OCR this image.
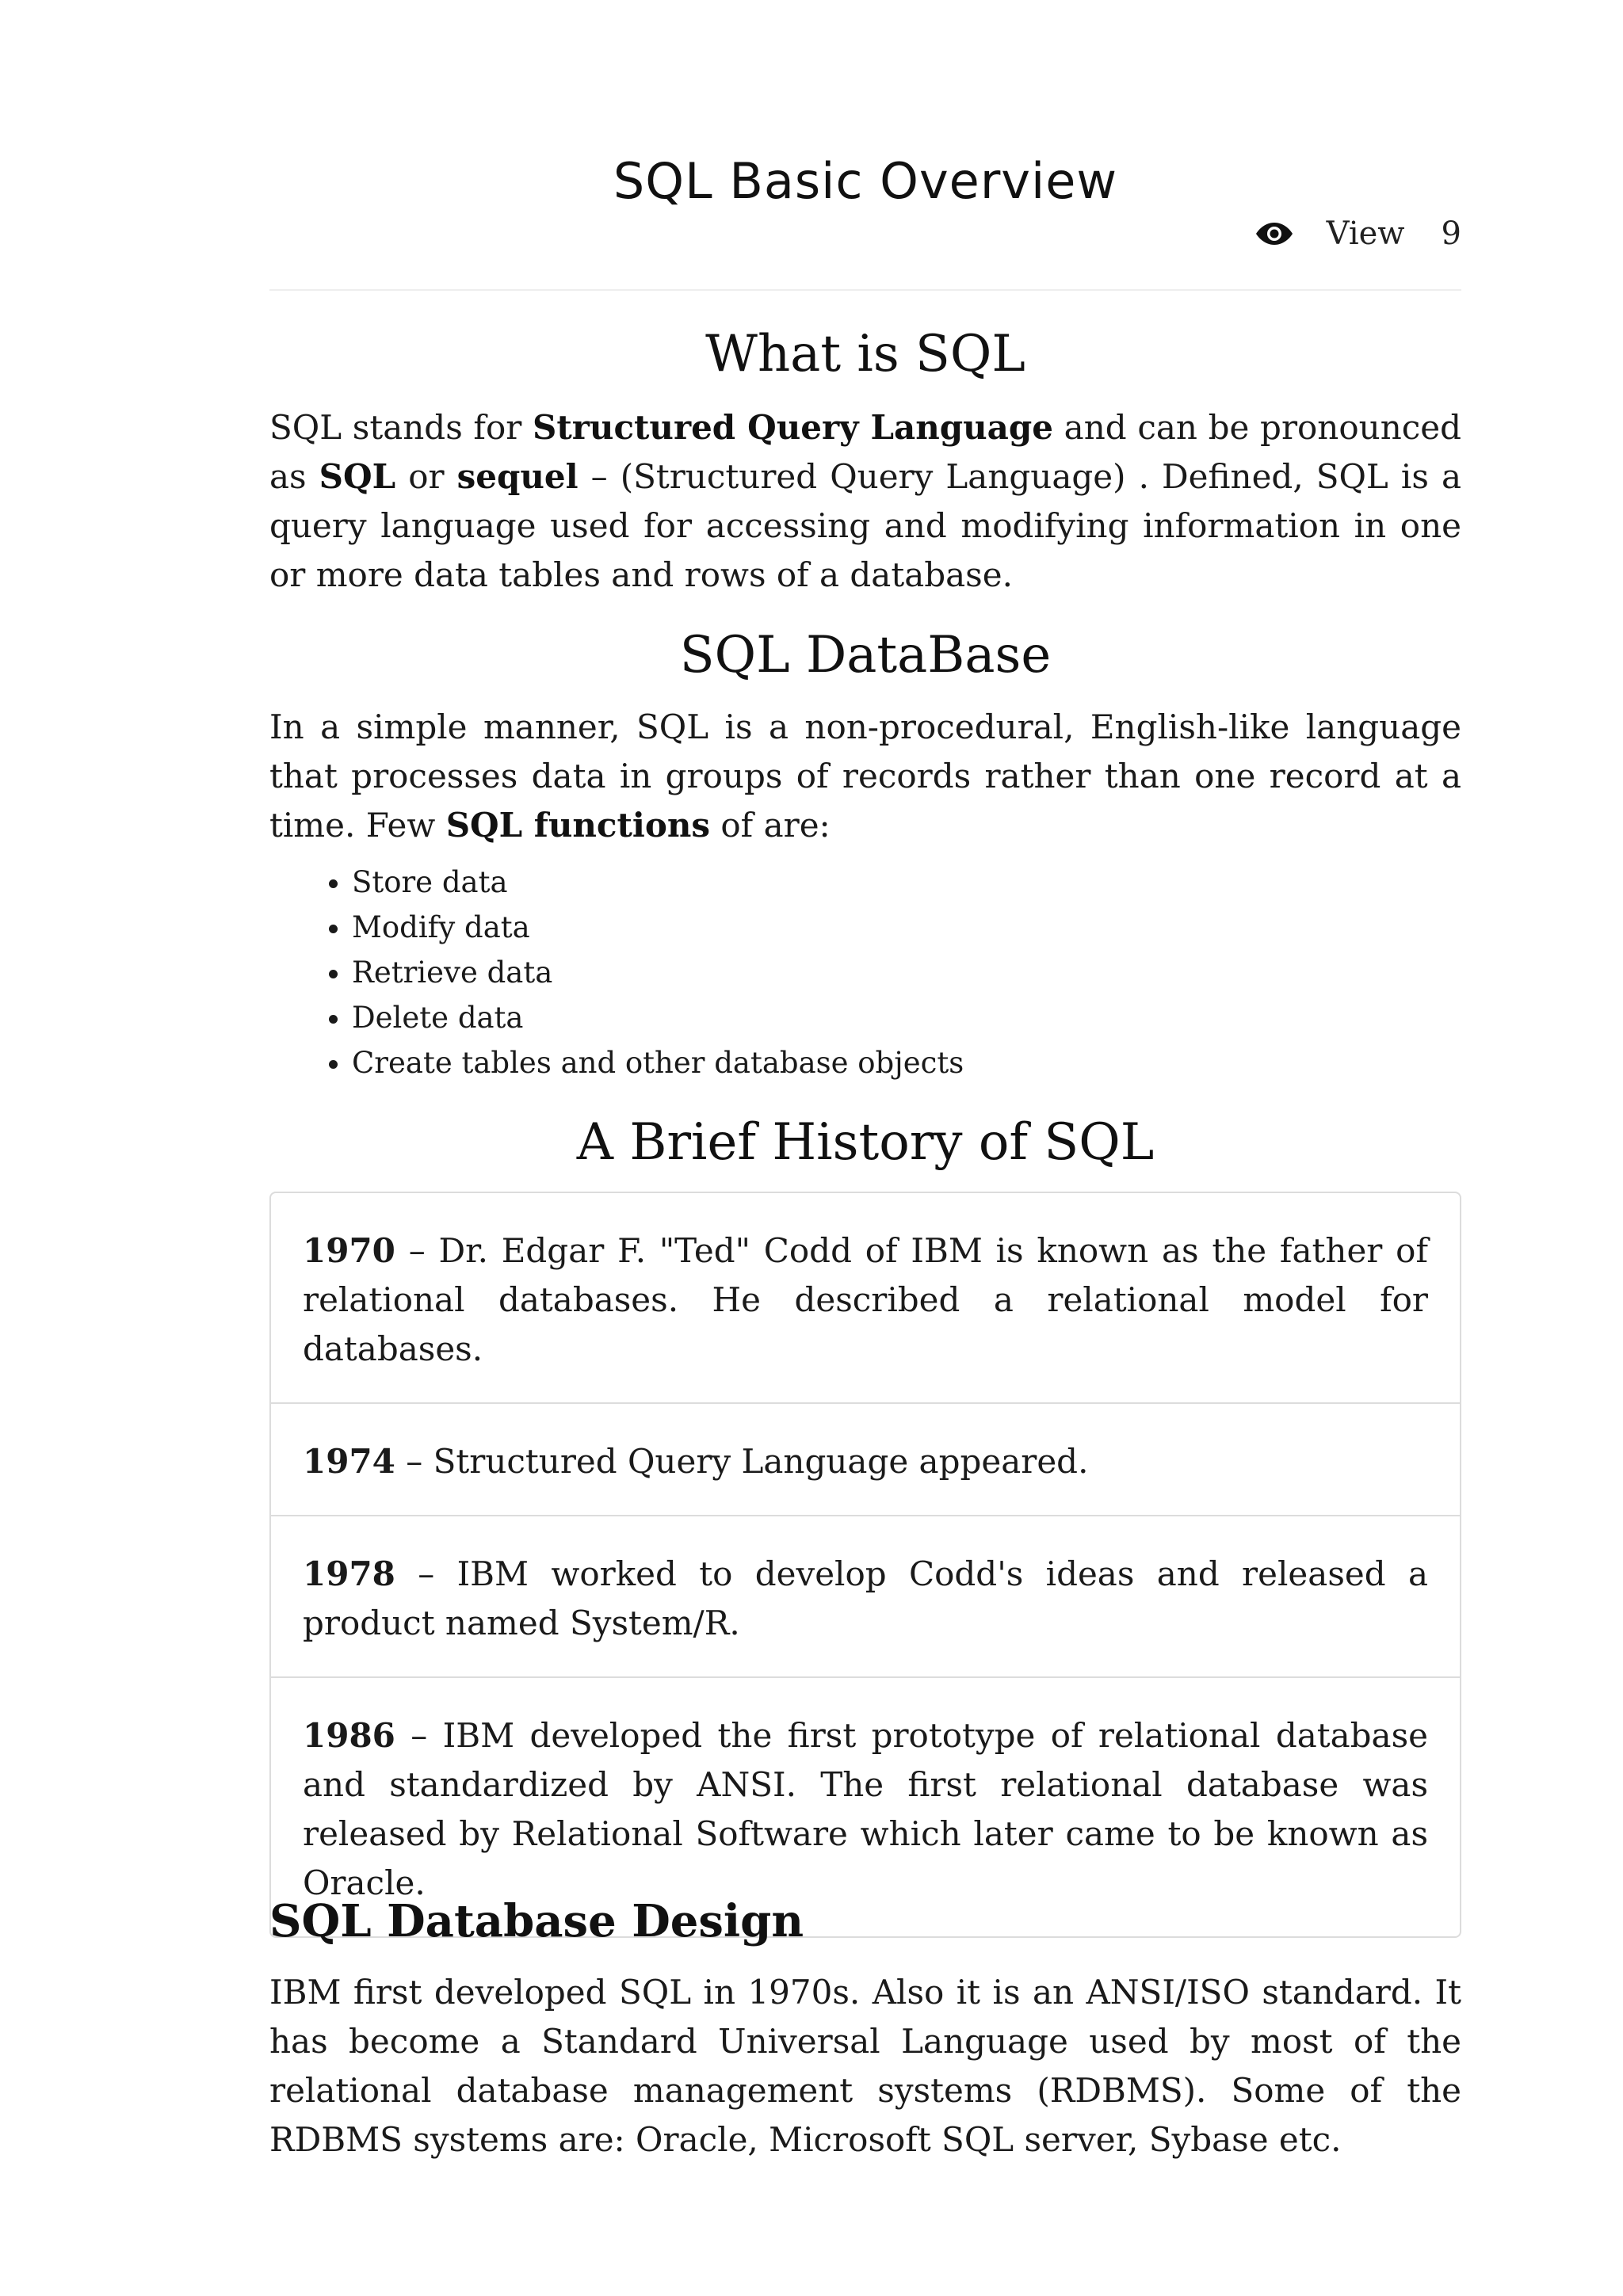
SQL Basic Overview
View 9
What is SQL
SQL stands for Structured Query Language and can be pronounced as SQL or sequel – (Structured Query Language) . Defined, SQL is a query language used for accessing and modifying information in one or more data tables and rows of a database.
SQL DataBase
In a simple manner, SQL is a non-procedural, English-like language that processes data in groups of records rather than one record at a time. Few SQL functions of are:
• Store data
• Modify data
• Retrieve data
• Delete data
• Create tables and other database objects
A Brief History of SQL
1970 – Dr. Edgar F. "Ted" Codd of IBM is known as the father of relational databases. He described a relational model for databases.
1974 – Structured Query Language appeared.
1978 – IBM worked to develop Codd's ideas and released a product named System/R.
1986 – IBM developed the first prototype of relational database and standardized by ANSI. The first relational database was released by Relational Software which later came to be known as Oracle.
SQL Database Design
IBM first developed SQL in 1970s. Also it is an ANSI/ISO standard. It has become a Standard Universal Language used by most of the relational database management systems (RDBMS). Some of the RDBMS systems are: Oracle, Microsoft SQL server, Sybase etc.
